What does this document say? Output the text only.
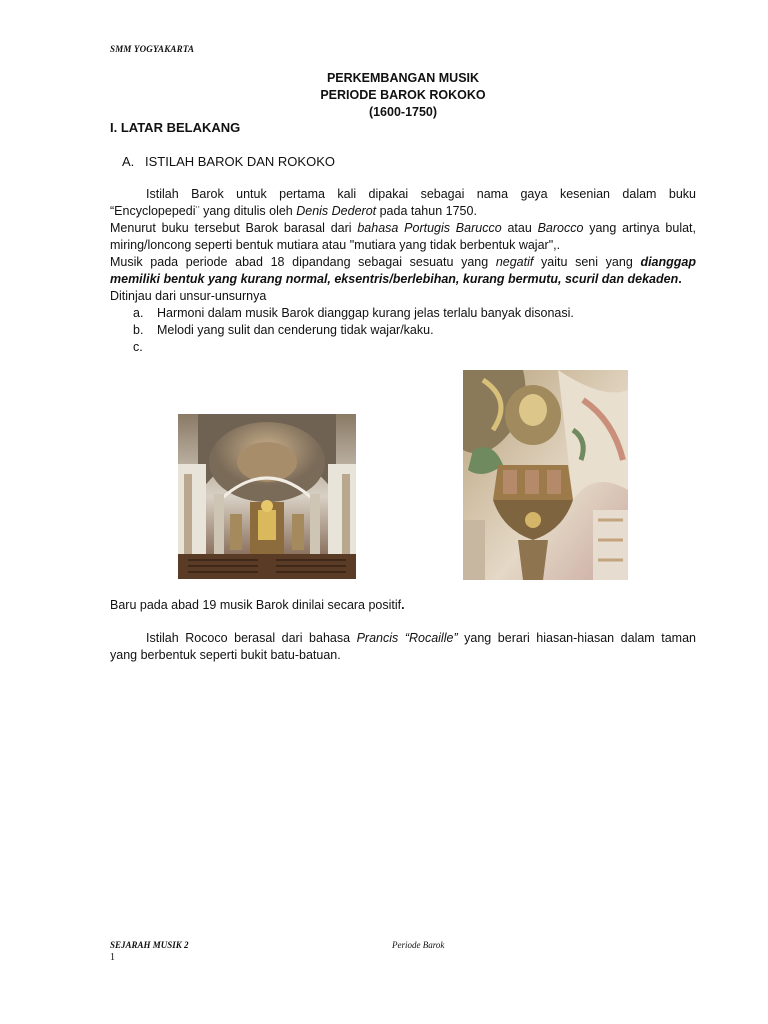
SMM YOGYAKARTA
PERKEMBANGAN MUSIK
PERIODE BAROK ROKOKO
(1600-1750)
I. LATAR BELAKANG
A. ISTILAH BAROK DAN ROKOKO

Istilah Barok untuk pertama kali dipakai sebagai nama gaya kesenian dalam buku

“Encyclopepedi¨ yang ditulis oleh Denis Dederot pada tahun 1750.

Menurut buku tersebut Barok barasal dari bahasa Portugis Barucco atau Barocco yang artinya bulat,

miring/loncong seperti bentuk mutiara atau "mutiara yang tidak berbentuk wajar",.

Musik pada periode abad 18 dipandang sebagai sesuatu yang negatif yaitu seni yang dianggap

memiliki bentuk yang kurang normal, eksentris/berlebihan, kurang bermutu, scuril dan dekaden.

Ditinjau dari unsur-unsurnya

a. Harmoni dalam musik Barok dianggap kurang jelas terlalu banyak disonasi.
b. Melodi yang sulit dan cenderung tidak wajar/kaku.
c.

Baru pada abad 19 musik Barok dinilai secara positif.

Istilah Rococo berasal dari bahasa Prancis “Rocaille” yang berari hiasan-hiasan dalam taman

yang berbentuk seperti bukit batu-batuan.

SEJARAH MUSIK 2	Periode Barok
1
